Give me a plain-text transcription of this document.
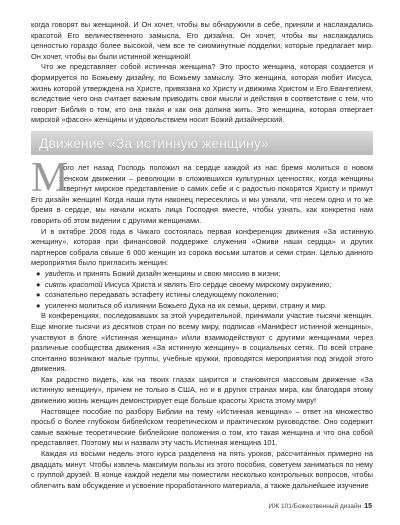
когда говорят вы женщиной. И Он хочет, чтобы вы обнаружили в себе, приняли и наслаждались красотой Его величественного замысла, Его дизайна. Он хочет, чтобы вы наслаждались ценностью гораздо более высокой, чем все те сиюминутные подделки, которые предлагает мир. Он хочет, чтобы вы были истинной женщиной!

Что же представляет собой истинная женщина? Это просто женщина, которая создается и формируется по Божьему дизайну, по Божьему замыслу. Это женщина, которая любит Иисуса, жизнь которой утверждена на Христе, привязана ко Христу и движима Христом и Его Евангелием, вследствие чего она считает важным приводить свои мысли и действия в соответствие с тем, что говорит Библия о том, кто она такая и как она должна жить. Это женщина, которая отвергает мирской «фасон» женщины и удовольствием носит Божий дизайнерский.

Движение «За истинную женщину»
М

ного лет назад Господь положил на сердце каждой из нас бремя молиться о новом женском движении – революции в сложившихся культурных ценностях, когда женщины отвергнут мирское представление о самих себе и с радостью покорятся Христу и примут Его дизайн женщин! Когда наши пути наконец пересеклись и мы узнали, что несем одно и то же бремя в сердце, мы начали искать лица Господня вместе, чтобы узнать, как конкретно нам говорить об этом видении с другими женщинами.

И в октябре 2008 года в Чикаго состоялась первая конференция движения «За истинную женщину», которая при финансовой поддержке служения «Оживи наши сердца» и других партнеров собрала свыше 6 000 женщин из сорока восьми штатов и семи стран. Целью данного мероприятия было пригласить женщин:

● увидеть и принять Божий дизайн женщины и свою миссию в жизни;
● сиять красотой Иисуса Христа и являть Его сердце своему мирскому окружению;
● сознательно передавать эстафету истины следующему поколению;
● усиленно молиться об излиянии Божьего Духа на их семьи, церкви, страну и мир.

В конференциях, последовавших за этой учредительной, принимали участие тысячи женщин. Еще многие тысячи из десятков стран по всему миру, подписав «Манифест истинной женщины», участвуют в блоге «Истинная женщина» и/или взаимодействуют с другими женщинами через различные сообщества движения «За истинную женщину» в социальных сетях. По всей стране спонтанно возникают малые группы, учебные кружки, проводятся мероприятия под эгидой этого движения.

Как радостно видеть, как на твоих глазах ширится и становится массовым движение «За истинную женщину», причем не только в США, но и в других странах мира, как благодаря этому движению жизнь женщин демонстрирует еще больше красоты Христа этому миру!

Настоящее пособие по разбору Библии на тему «Истинная женщина» – ответ на множество просьб о более глубоком библейском теоретическом и практическом руководстве. Оно содержит самые важные теоретические библейские положения о том, кто такая женщина и что она собой представляет. Поэтому мы и назвали эту часть Истинная женщина 101.

Каждая из восьми недель этого курса разделена на пять уроков, рассчитанных примерно на двадцать минут. Чтобы извлечь максимум пользы из этого пособия, советуем заниматься по нему с группой друзей. В конце каждой недели мы поместили несколько контрольных вопросов, чтобы облегчить вам обсуждение и усвоение проработанного материала, а также дальнейшее изучение

ИЖ 101/Божественный дизайн 15
